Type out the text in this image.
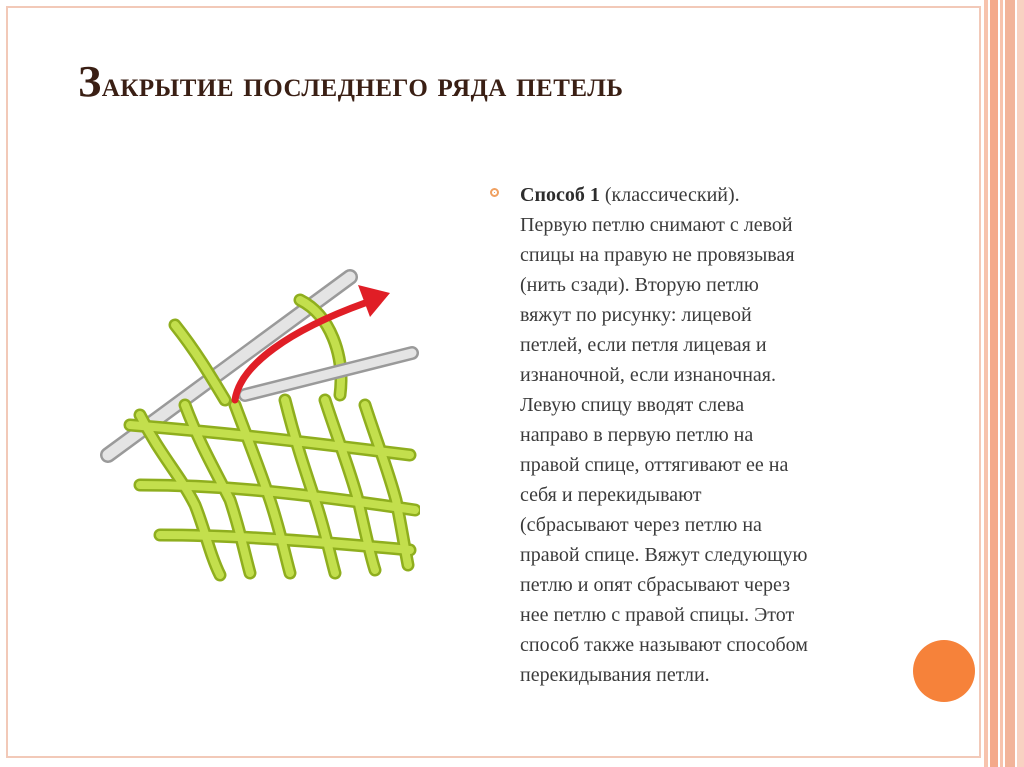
Закрытие последнего ряда петель
Способ 1 (классический).
Первую петлю снимают с левой
спицы на правую не провязывая
(нить сзади). Вторую петлю
вяжут по рисунку: лицевой
петлей, если петля лицевая и
изнаночной, если изнаночная.
Левую спицу вводят слева
направо в первую петлю на
правой спице, оттягивают ее на
себя и перекидывают
(сбрасывают через петлю на
правой спице. Вяжут следующую
петлю и опят сбрасывают через
нее петлю с правой спицы. Этот
способ также называют способом
перекидывания петли.
